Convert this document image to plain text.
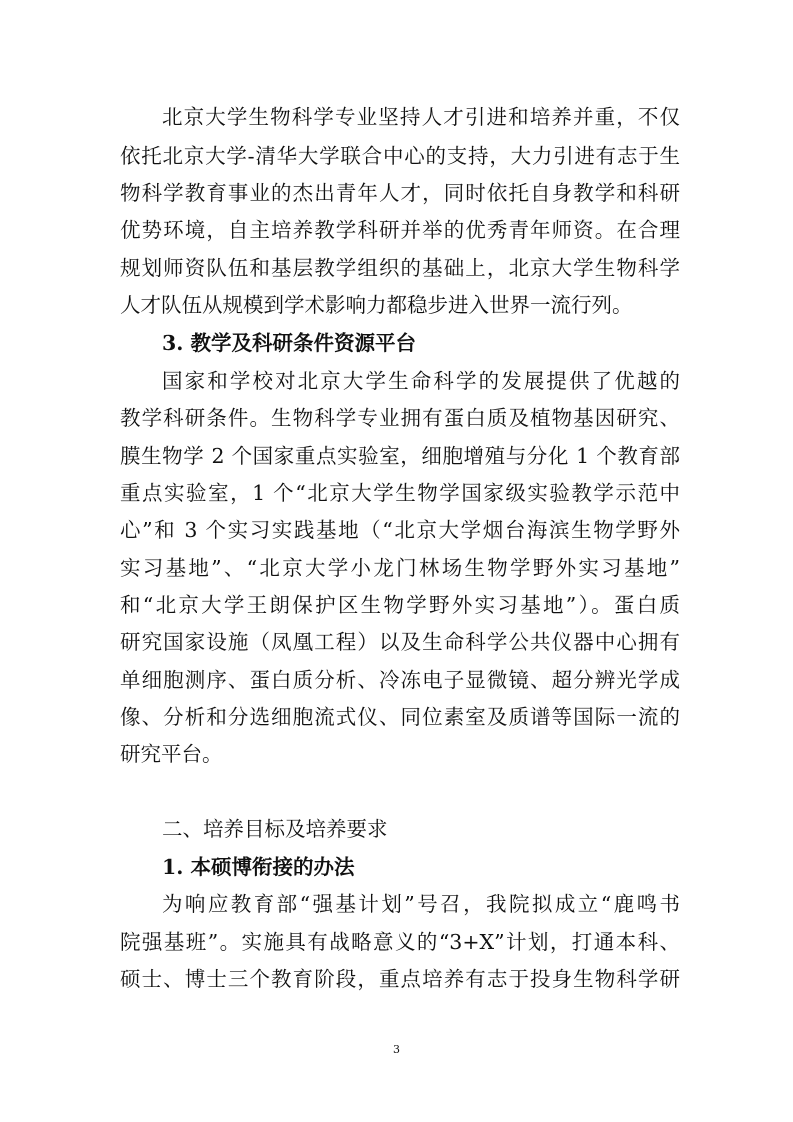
北京大学生物科学专业坚持人才引进和培养并重，不仅
依托北京大学-清华大学联合中心的支持，大力引进有志于生
物科学教育事业的杰出青年人才，同时依托自身教学和科研
优势环境，自主培养教学科研并举的优秀青年师资。在合理
规划师资队伍和基层教学组织的基础上，北京大学生物科学
人才队伍从规模到学术影响力都稳步进入世界一流行列。
3. 教学及科研条件资源平台
国家和学校对北京大学生命科学的发展提供了优越的
教学科研条件。生物科学专业拥有蛋白质及植物基因研究、
膜生物学 2 个国家重点实验室，细胞增殖与分化 1 个教育部
重点实验室，1 个“北京大学生物学国家级实验教学示范中
心”和 3 个实习实践基地（“北京大学烟台海滨生物学野外
实习基地”、“北京大学小龙门林场生物学野外实习基地”
和“北京大学王朗保护区生物学野外实习基地”）。蛋白质
研究国家设施（凤凰工程）以及生命科学公共仪器中心拥有
单细胞测序、蛋白质分析、冷冻电子显微镜、超分辨光学成
像、分析和分选细胞流式仪、同位素室及质谱等国际一流的
研究平台。
二、培养目标及培养要求
1. 本硕博衔接的办法
为响应教育部“强基计划”号召，我院拟成立“鹿鸣书
院强基班”。实施具有战略意义的“3+X”计划，打通本科、
硕士、博士三个教育阶段，重点培养有志于投身生物科学研
3
